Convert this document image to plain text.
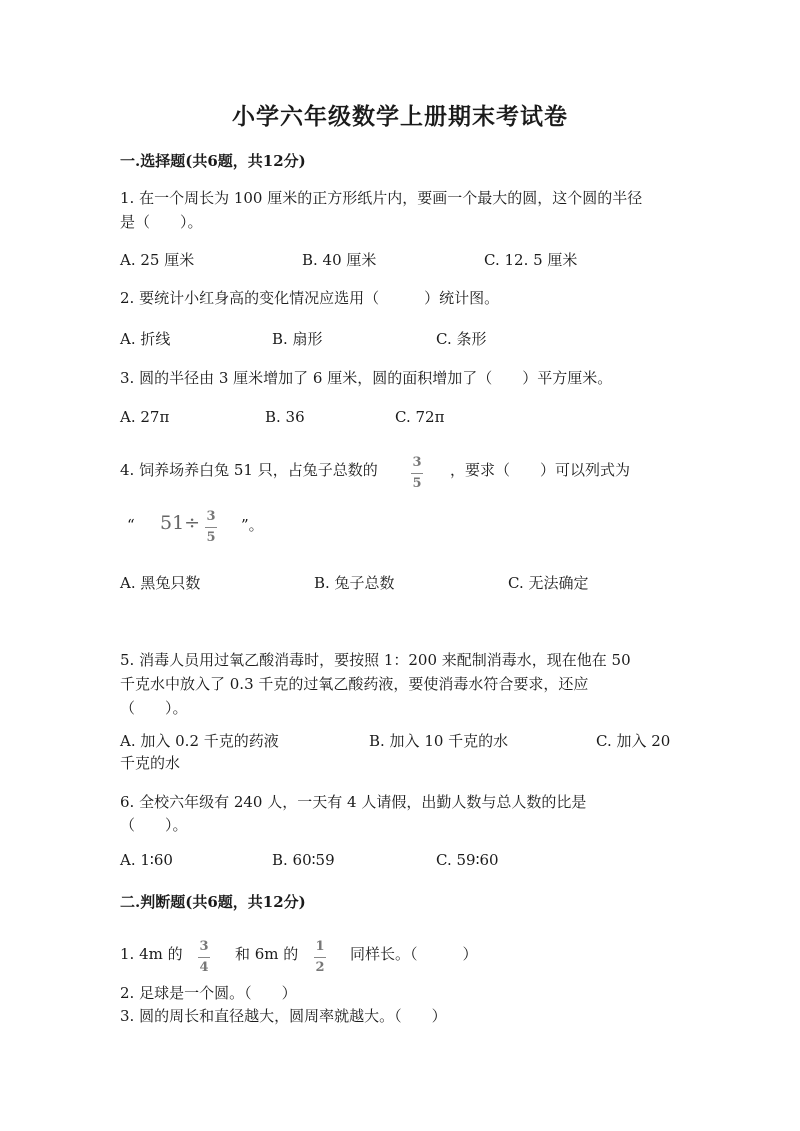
小学六年级数学上册期末考试卷
一.选择题(共6题，共12分)
1. 在一个周长为 100 厘米的正方形纸片内，要画一个最大的圆，这个圆的半径
是（　　）。
A. 25 厘米	B. 40 厘米	C. 12. 5 厘米
2. 要统计小红身高的变化情况应选用（　　　）统计图。
A. 折线	B. 扇形	C. 条形
3. 圆的半径由 3 厘米增加了 6 厘米，圆的面积增加了（　　）平方厘米。
A. 27π	B. 36	C. 72π
4. 饲养场养白兔 51 只，占兔子总数的	3
5
，要求（　　）可以列式为
“ 51÷ 3
5
”。
A. 黑兔只数	B. 兔子总数	C. 无法确定
5. 消毒人员用过氧乙酸消毒时，要按照 1：200 来配制消毒水，现在他在 50
千克水中放入了 0.3 千克的过氧乙酸药液，要使消毒水符合要求，还应
（　　）。
A. 加入 0.2 千克的药液	B. 加入 10 千克的水	C. 加入 20
千克的水
6. 全校六年级有 240 人，一天有 4 人请假，出勤人数与总人数的比是
（　　）。
A. 1∶60	B. 60∶59	C. 59∶60
二.判断题(共6题，共12分)
1. 4m 的 3
4
和 6m 的 1
2
同样长。（　　　）
2. 足球是一个圆。（　　）
3. 圆的周长和直径越大，圆周率就越大。（　　）
